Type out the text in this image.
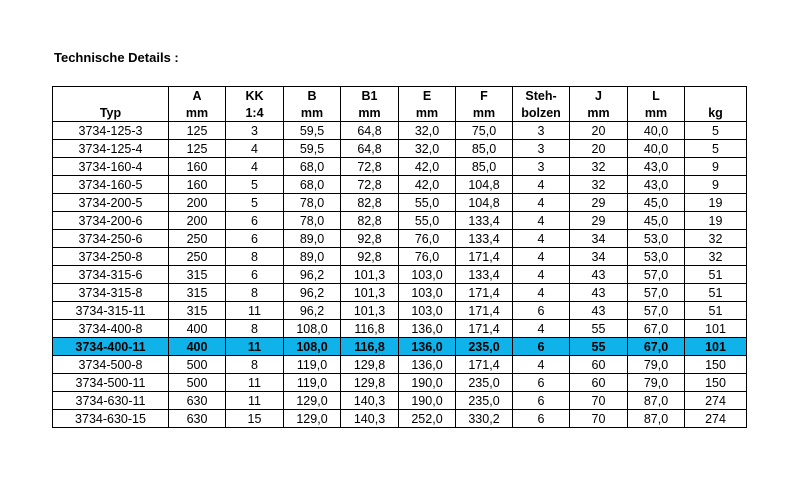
Technische Details :
	A	KK	B	B1	E	F	Steh-	J	L	
Typ	mm	1:4	mm	mm	mm	mm	bolzen	mm	mm	kg
3734-125-3	125	3	59,5	64,8	32,0	75,0	3	20	40,0	5
3734-125-4	125	4	59,5	64,8	32,0	85,0	3	20	40,0	5
3734-160-4	160	4	68,0	72,8	42,0	85,0	3	32	43,0	9
3734-160-5	160	5	68,0	72,8	42,0	104,8	4	32	43,0	9
3734-200-5	200	5	78,0	82,8	55,0	104,8	4	29	45,0	19
3734-200-6	200	6	78,0	82,8	55,0	133,4	4	29	45,0	19
3734-250-6	250	6	89,0	92,8	76,0	133,4	4	34	53,0	32
3734-250-8	250	8	89,0	92,8	76,0	171,4	4	34	53,0	32
3734-315-6	315	6	96,2	101,3	103,0	133,4	4	43	57,0	51
3734-315-8	315	8	96,2	101,3	103,0	171,4	4	43	57,0	51
3734-315-11	315	11	96,2	101,3	103,0	171,4	6	43	57,0	51
3734-400-8	400	8	108,0	116,8	136,0	171,4	4	55	67,0	101
3734-400-11	400	11	108,0	116,8	136,0	235,0	6	55	67,0	101
3734-500-8	500	8	119,0	129,8	136,0	171,4	4	60	79,0	150
3734-500-11	500	11	119,0	129,8	190,0	235,0	6	60	79,0	150
3734-630-11	630	11	129,0	140,3	190,0	235,0	6	70	87,0	274
3734-630-15	630	15	129,0	140,3	252,0	330,2	6	70	87,0	274
